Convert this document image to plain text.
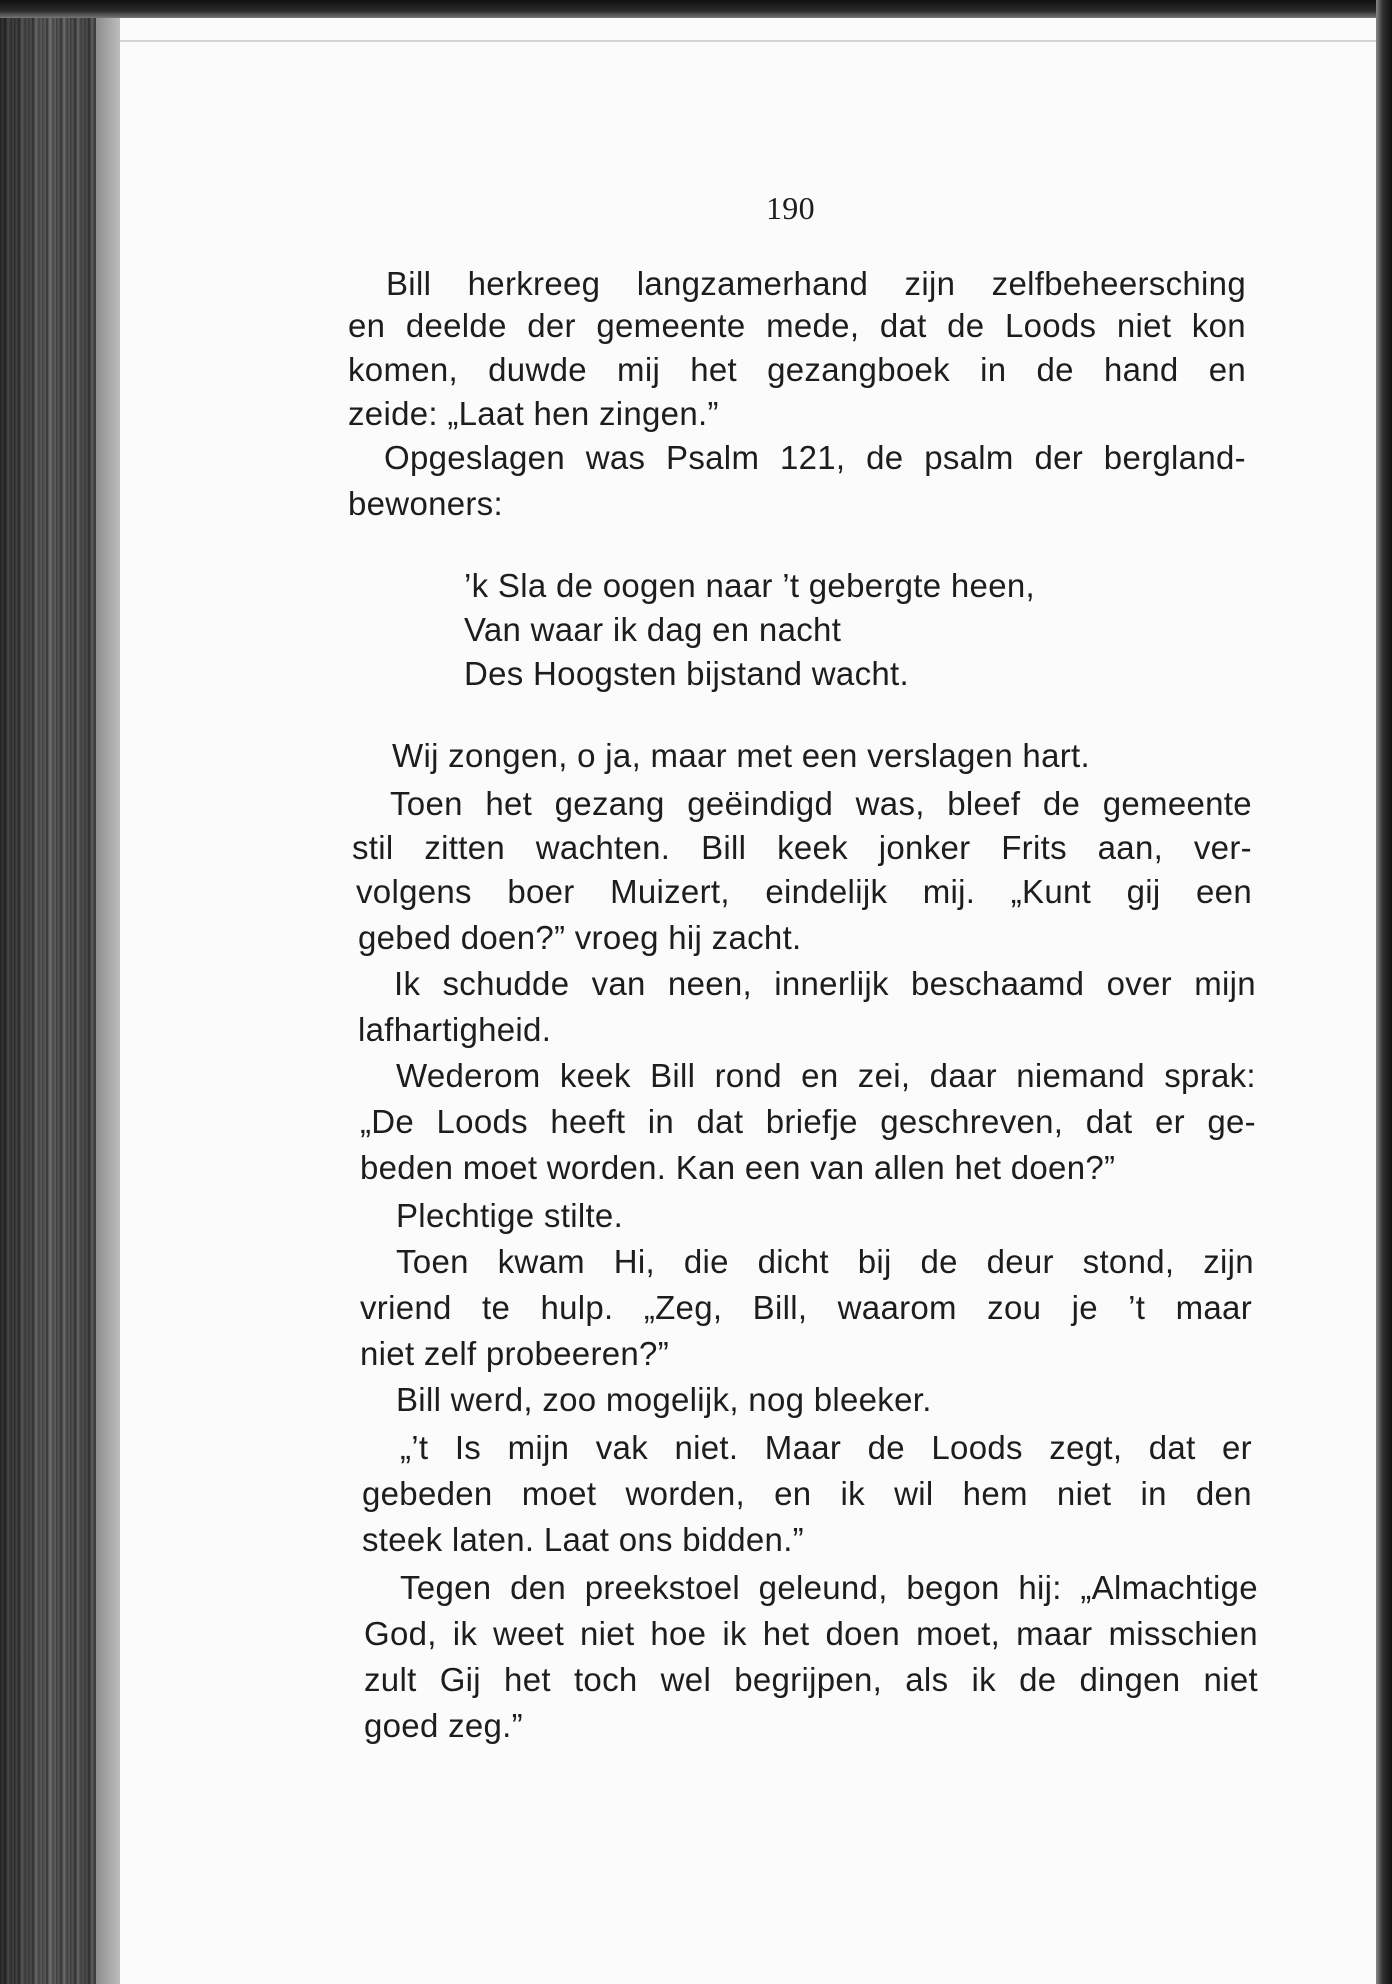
190
Bill herkreeg langzamerhand zijn zelfbeheersching
en deelde der gemeente mede, dat de Loods niet kon
komen, duwde mij het gezangboek in de hand en
zeide: „Laat hen zingen.”
Opgeslagen was Psalm 121, de psalm der bergland-
bewoners:
’k Sla de oogen naar ’t gebergte heen,
Van waar ik dag en nacht
Des Hoogsten bijstand wacht.
Wij zongen, o ja, maar met een verslagen hart.
Toen het gezang geëindigd was, bleef de gemeente
stil zitten wachten. Bill keek jonker Frits aan, ver-
volgens boer Muizert, eindelijk mij. „Kunt gij een
gebed doen?” vroeg hij zacht.
Ik schudde van neen, innerlijk beschaamd over mijn
lafhartigheid.
Wederom keek Bill rond en zei, daar niemand sprak:
„De Loods heeft in dat briefje geschreven, dat er ge-
beden moet worden. Kan een van allen het doen?”
Plechtige stilte.
Toen kwam Hi, die dicht bij de deur stond, zijn
vriend te hulp. „Zeg, Bill, waarom zou je ’t maar
niet zelf probeeren?”
Bill werd, zoo mogelijk, nog bleeker.
„’t Is mijn vak niet. Maar de Loods zegt, dat er
gebeden moet worden, en ik wil hem niet in den
steek laten. Laat ons bidden.”
Tegen den preekstoel geleund, begon hij: „Almachtige
God, ik weet niet hoe ik het doen moet, maar misschien
zult Gij het toch wel begrijpen, als ik de dingen niet
goed zeg.”
